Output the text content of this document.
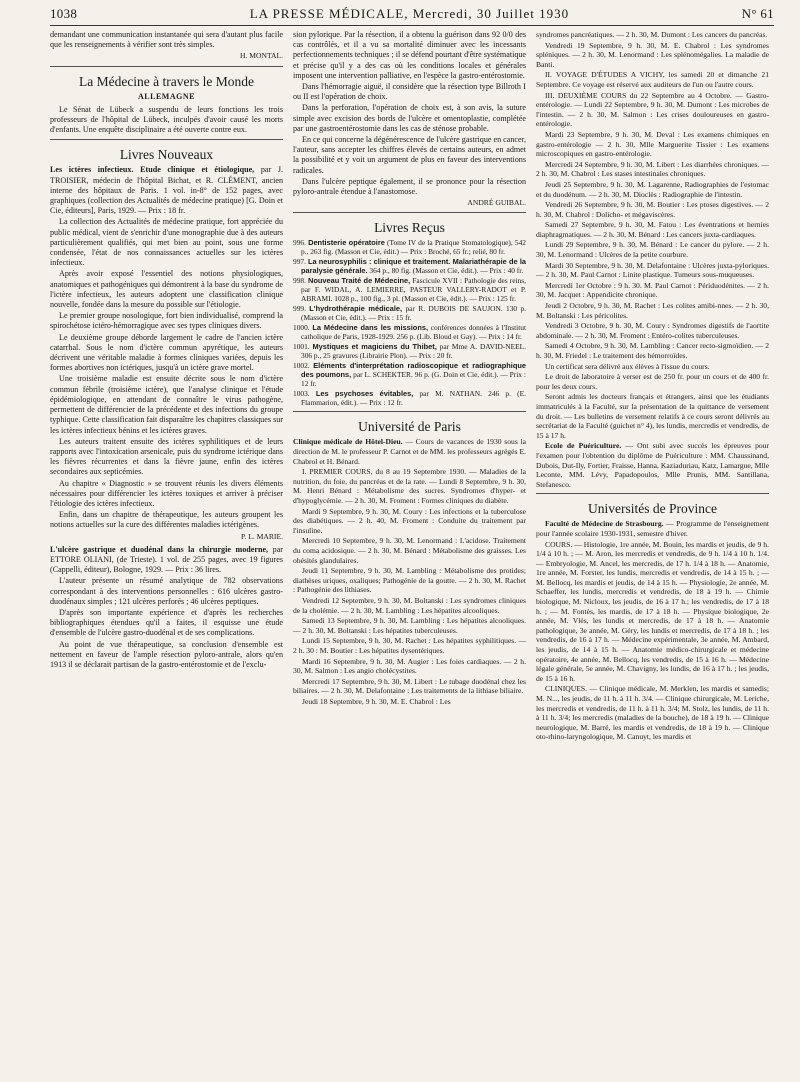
1038	LA PRESSE MÉDICALE, Mercredi, 30 Juillet 1930	N° 61

demandant une communication instantanée qui sera d'autant plus facile que les renseignements à vérifier sont très simples.

H. MONTAL.
La Médecine à travers le Monde
ALLEMAGNE

Le Sénat de Lübeck a suspendu de leurs fonctions les trois professeurs de l'hôpital de Lübeck, inculpés d'avoir causé les morts d'enfants. Une enquête disciplinaire a été ouverte contre eux.

Livres Nouveaux

Les ictères infectieux. Etude clinique et étiologique, par J. TROISIER, médecin de l'hôpital Bichat, et R. CLÉMENT, ancien interne des hôpitaux de Paris. 1 vol. in-8° de 152 pages, avec graphiques (collection des Actualités de médecine pratique) [G. Doin et Cie, éditeurs], Paris, 1929. — Prix : 18 fr.

La collection des Actualités de médecine pratique, fort appréciée du public médical, vient de s'enrichir d'une monographie due à des auteurs particulièrement qualifiés, qui met bien au point, sous une forme condensée, l'état de nos connaissances actuelles sur les ictères infectieux.

Après avoir exposé l'essentiel des notions physiologiques, anatomiques et pathogéniques qui démontrent à la base du syndrome de l'ictère infectieux, les auteurs adoptent une classification clinique nouvelle, fondée dans la mesure du possible sur l'étiologie.

Le premier groupe nosologique, fort bien individualisé, comprend la spirochétose ictéro-hémorragique avec ses types cliniques divers.

Le deuxième groupe déborde largement le cadre de l'ancien ictère catarrhal. Sous le nom d'ictère commun apyrétique, les auteurs décrivent une véritable maladie à formes cliniques variées, depuis les formes abortives non ictériques, jusqu'à un ictère grave mortel.

Une troisième maladie est ensuite décrite sous le nom d'ictère commun fébrile (troisième ictère), que l'analyse clinique et l'étude épidémiologique, en attendant de connaître le virus pathogène, permettent de différencier de la précédente et des infections du groupe typhique. Cette classification fait disparaître les chapitres classiques sur les ictères infectieux bénins et les ictères graves.

Les auteurs traitent ensuite des ictères syphilitiques et de leurs rapports avec l'intoxication arsenicale, puis du syndrome ictérique dans les fièvres récurrentes et dans la fièvre jaune, enfin des ictères secondaires aux septicémies.

Au chapitre « Diagnostic » se trouvent réunis les divers éléments nécessaires pour différencier les ictères toxiques et arriver à préciser l'étiologie des ictères infectieux.

Enfin, dans un chapitre de thérapeutique, les auteurs groupent les notions actuelles sur la cure des différentes maladies ictérigènes.

P. L. MARIE.

L'ulcère gastrique et duodénal dans la chirurgie moderne, par ETTORE OLIANI, (de Trieste). 1 vol. de 255 pages, avec 19 figures (Cappelli, éditeur), Bologne, 1929. — Prix : 36 lires.

L'auteur présente un résumé analytique de 782 observations correspondant à des interventions personnelles : 616 ulcères gastro-duodénaux simples ; 121 ulcères perforés ; 46 ulcères peptiques.

D'après son importante expérience et d'après les recherches bibliographiques étendues qu'il a faites, il esquisse une étude d'ensemble de l'ulcère gastro-duodénal et de ses complications.

Au point de vue thérapeutique, sa conclusion d'ensemble est nettement en faveur de l'ample résection pyloro-antrale, alors qu'en 1913 il se déclarait partisan de la gastro-entérostomie et de l'exclu-

sion pylorique. Par la résection, il a obtenu la guérison dans 92 0/0 des cas contrôlés, et il a vu sa mortalité diminuer avec les incessants perfectionnements techniques ; il se défend pourtant d'être systématique et précise qu'il y a des cas où les conditions locales et générales imposent une intervention palliative, en l'espèce la gastro-entérostomie.

Dans l'hémorragie aiguë, il considère que la résection type Billroth I ou II est l'opération de choix.

Dans la perforation, l'opération de choix est, à son avis, la suture simple avec excision des bords de l'ulcère et omentoplastie, complétée par une gastroentérostomie dans les cas de sténose probable.

En ce qui concerne la dégénérescence de l'ulcère gastrique en cancer, l'auteur, sans accepter les chiffres élevés de certains auteurs, en admet la possibilité et y voit un argument de plus en faveur des interventions radicales.

Dans l'ulcère peptique également, il se prononce pour la résection pyloro-antrale étendue à l'anastomose.

ANDRÉ GUIBAL.
Livres Reçus
996. Dentisterie opératoire (Tome IV de la Pratique Stomatologique), 542 p., 263 fig. (Masson et Cie, édit.) — Prix : Broché, 65 fr.; relié, 80 fr.
997. La neurosyphilis : clinique et traitement. Malariathérapie de la paralysie générale. 364 p., 80 fig. (Masson et Cie, édit.). — Prix : 40 fr.
998. Nouveau Traité de Médecine, Fascicule XVII : Pathologie des reins, par F. WIDAL, A. LEMIERRE, PASTEUR VALLERY-RADOT et P. ABRAMI. 1028 p., 100 fig., 3 pl. (Masson et Cie, édit.). — Prix : 125 fr.
999. L'hydrothérapie médicale, par R. DUBOIS DE SAUJON. 130 p. (Masson et Cie, édit.). — Prix : 15 fr.
1000. La Médecine dans les missions, conférences données à l'Institut catholique de Paris, 1928-1929. 256 p. (Lib. Bloud et Gay). — Prix : 14 fr.
1001. Mystiques et magiciens du Thibet, par Mme A. DAVID-NEEL. 306 p., 25 gravures (Librairie Plon). — Prix : 20 fr.
1002. Eléments d'interprétation radioscopique et radiographique des poumons, par L. SCHEKTER. 96 p. (G. Doin et Cie, édit.). — Prix : 12 fr.
1003. Les psychoses évitables, par M. NATHAN. 246 p. (E. Flammarion, édit.). — Prix : 12 fr.
Université de Paris

Clinique médicale de Hôtel-Dieu. — Cours de vacances de 1930 sous la direction de M. le professeur P. Carnot et de MM. les professeurs agrégés E. Chabrol et H. Bénard.

I. PREMIER COURS, du 8 au 19 Septembre 1930. — Maladies de la nutrition, du foie, du pancréas et de la rate. — Lundi 8 Septembre, 9 h. 30, M. Henri Bénard : Métabolisme des sucres. Syndromes d'hyper- et d'hypoglycémie. — 2 h. 30, M. Froment : Formes cliniques du diabète.

Mardi 9 Septembre, 9 h. 30, M. Coury : Les infections et la tuberculose des diabétiques. — 2 h. 40, M. Froment : Conduite du traitement par l'insuline.

Mercredi 10 Septembre, 9 h. 30, M. Lenormand : L'acidose. Traitement du coma acidosique. — 2 h. 30, M. Bénard : Métabolisme des graisses. Les obésités glandulaires.

Jeudi 11 Septembre, 9 h. 30, M. Lambling : Métabolisme des protides; diathèses uriques, oxaliques; Pathogénie de la goutte. — 2 h. 30, M. Rachet : Pathogénie des lithiases.

Vendredi 12 Septembre, 9 h. 30, M. Boltanski : Les syndromes cliniques de la cholémie. — 2 h. 30, M. Lambling : Les hépatites alcooliques.

Samedi 13 Septembre, 9 h. 30, M. Lambling : Les hépatites alcooliques. — 2 h. 30, M. Boltanski : Les hépatites tuberculeuses.

Lundi 15 Septembre, 9 h. 30, M. Rachet : Les hépatites syphilitiques. — 2 h. 30 : M. Boutier : Les hépatites dysentériques.

Mardi 16 Septembre, 9 h. 30, M. Augier : Les foies cardiaques. — 2 h. 30, M. Salmon : Les angio cholécystites.

Mercredi 17 Septembre, 9 h. 30, M. Libert : Le tubage duodénal chez les biliaires. — 2 h. 30, M. Delafontaine : Les traitements de la lithiase biliaire.

Jeudi 18 Septembre, 9 h. 30, M. E. Chabrol : Les

syndromes pancréatiques. — 2 h. 30, M. Dumont : Les cancers du pancréas.

Vendredi 19 Septembre, 9 h. 30, M. E. Chabrol : Les syndromes spléniques. — 2 h. 30, M. Lenormand : Les splénomégalies. La maladie de Banti.

II. VOYAGE D'ÉTUDES A VICHY, les samedi 20 et dimanche 21 Septembre. Ce voyage est réservé aux auditeurs de l'un ou l'autre cours.

III. DEUXIÈME COURS du 22 Septembre au 4 Octobre. — Gastro-entérologie. — Lundi 22 Septembre, 9 h. 30, M. Dumont : Les microbes de l'intestin. — 2 h. 30, M. Salmon : Les crises douloureuses en gastro-entérologie.

Mardi 23 Septembre, 9 h. 30, M. Deval : Les examens chimiques en gastro-entérologie — 2 h. 30, Mlle Marguerite Tissier : Les examens microscopiques en gastro-entérologie.

Mercredi 24 Septembre, 9 h. 30, M. Libert : Les diarrhées chroniques. — 2 h. 30, M. Chabrol : Les stases intestinales chroniques.

Jeudi 25 Septembre, 9 h. 30, M. Lagarenne, Radiographies de l'estomac et du duodénum. — 2 h. 30, M. Dioclès : Radiographie de l'intestin.

Vendredi 26 Septembre, 9 h. 30, M. Boutier : Les ptoses digestives. — 2 h. 30, M. Chabrol : Dolicho- et mégaviscères.

Samedi 27 Septembre, 9 h. 30, M. Fatou : Les éventrations et hernies diaphragmatiques. — 2 h. 30, M. Bénard : Les cancers juxta-cardiaques.

Lundi 29 Septembre, 9 h. 30, M. Bénard : Le cancer du pylore. — 2 h. 30, M. Lenormand : Ulcères de la petite courbure.

Mardi 30 Septembre, 9 h. 30, M. Delafontaine : Ulcères juxta-pyloriques. — 2 h. 30, M. Paul Carnot : Linite plastique. Tumeurs sous-muqueuses.

Mercredi 1er Octobre : 9 h. 30. M. Paul Carnot : Périduodénites. — 2 h. 30, M. Jacquet : Appendicite chronique.

Jeudi 2 Octobre, 9 h. 30, M. Rachet : Les colites amibi-nnes. — 2 h. 30, M. Boltanski : Les péricolites.

Vendredi 3 Octobre, 9 h. 30, M. Coury : Syndromes digestifs de l'aortite abdominale. — 2 h. 30, M. Froment : Entéro-colites tuberculeuses.

Samedi 4 Octobre, 9 h. 30, M. Lambling : Cancer recto-sigmoïdien. — 2 h. 30, M. Friedel : Le traitement des hémorroïdes.

Un certificat sera délivré aux élèves à l'issue du cours.

Le droit de laboratoire à verser est de 250 fr. pour un cours et de 400 fr. pour les deux cours.

Seront admis les docteurs français et étrangers, ainsi que les étudiants immatriculés à la Faculté, sur la présentation de la quittance de versement du droit. — Les bulletins de versement relatifs à ce cours seront délivrés au secrétariat de la Faculté (guichet n° 4), les lundis, mercredis et vendredis, de 15 à 17 h.

Ecole de Puériculture. — Ont subi avec succès les épreuves pour l'examen pour l'obtention du diplôme de Puériculture : MM. Chaussinand, Dubois, Dut-Ily, Fortier, Fraisse, Hanna, Kaziaduriau, Katz, Lamargue, Mlle Leconte, MM. Lévy, Papadopoulos, Mlle Prunis, MM. Santillana, Stefanesco.

Universités de Province

Faculté de Médecine de Strasbourg. — Programme de l'enseignement pour l'année scolaire 1930-1931, semestre d'hiver.

COURS. — Histologie, 1re année, M. Bouin, les mardis et jeudis, de 9 h. 1/4 à 10 h. ; — M. Aron, les mercredis et vendredis, de 9 h. 1/4 à 10 h. 1/4. — Embryologie, M. Ancel, les mercredis, de 17 h. 1/4 à 18 h. — Anatomie, 1re année, M. Forster, les lundis, mercredis et vendredis, de 14 à 15 h. ; — M. Bellocq, les mardis et jeudis, de 14 à 15 h. — Physiologie, 2e année, M. Schaeffer, les lundis, mercredis et vendredis, de 18 à 19 h. — Chimie biologique, M. Nicloux, les jeudis, de 16 à 17 h.; les vendredis, de 17 à 18 h. ; — M. Fontès, les mardis, de 17 à 18 h. — Physique biologique, 2e année, M. Vlès, les lundis et mercredis, de 17 à 18 h. — Anatomie pathologique, 3e année, M. Géry, les lundis et mercredis, de 17 à 18 h. ; les vendredis, de 16 à 17 h. — Médecine expérimentale, 3e année, M. Ambard, les jeudis, de 14 à 15 h. — Anatomie médico-chirurgicale et médecine opératoire, 4e année, M. Bellocq, les vendredis, de 15 à 16 h. — Médecine légale générale, 5e année, M. Chavigny, les lundis, de 16 à 17 h. ; les jeudis, de 15 à 16 h.

CLINIQUES. — Clinique médicale, M. Merklen, les mardis et samedis; M. N..., les jeudis, de 11 h. à 11 h. 3/4. — Clinique chirurgicale, M. Leriche, les mercredis et vendredis, de 11 h. à 11 h. 3/4; M. Stolz, les lundis, de 11 h. à 11 h. 3/4; les mercredis (maladies de la bouche), de 18 à 19 h. — Clinique neurologique, M. Barré, les mardis et vendredis, de 18 à 19 h. — Clinique oto-rhino-laryngologique, M. Canuyt, les mardis et
